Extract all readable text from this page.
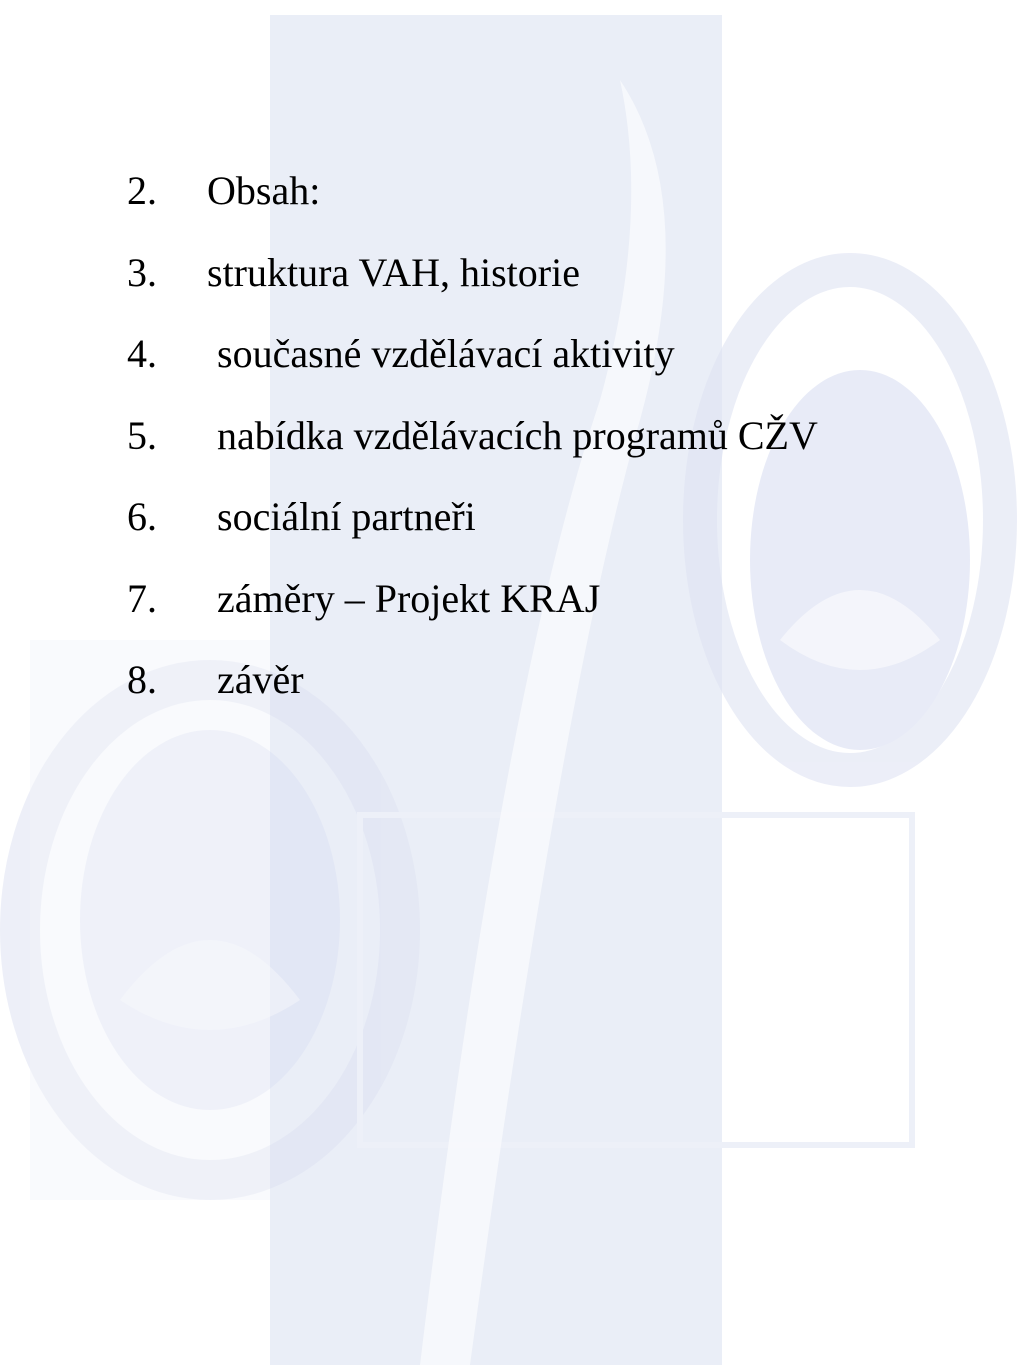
2.	Obsah:
3.	struktura VAH, historie
4.	současné vzdělávací aktivity
5.	nabídka vzdělávacích programů CŽV
6.	sociální partneři
7.	záměry – Projekt KRAJ
8.	závěr
